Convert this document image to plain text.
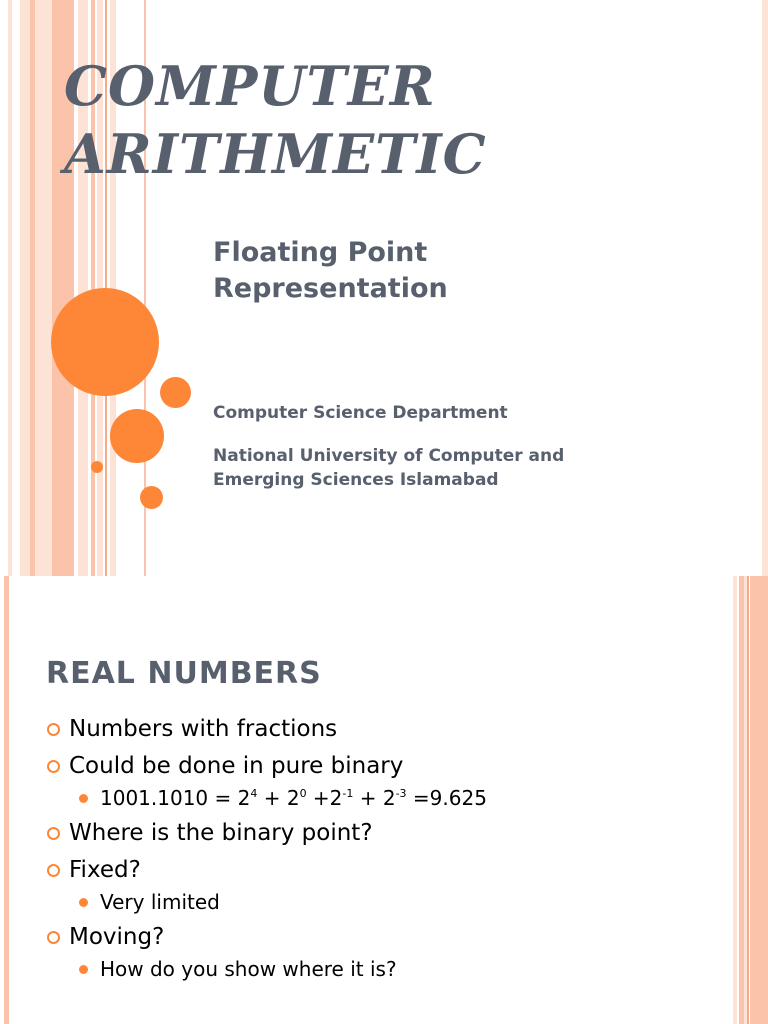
COMPUTER
ARITHMETIC
Floating Point
Representation

Computer Science Department

National University of Computer and
Emerging Sciences Islamabad

REAL NUMBERS
Numbers with fractions
Could be done in pure binary
$1001.1010 = 2^4 + 2^0 +2^{-1} + 2^{-3} =9.625$
Where is the binary point?
Fixed?
Very limited
Moving?
How do you show where it is?
